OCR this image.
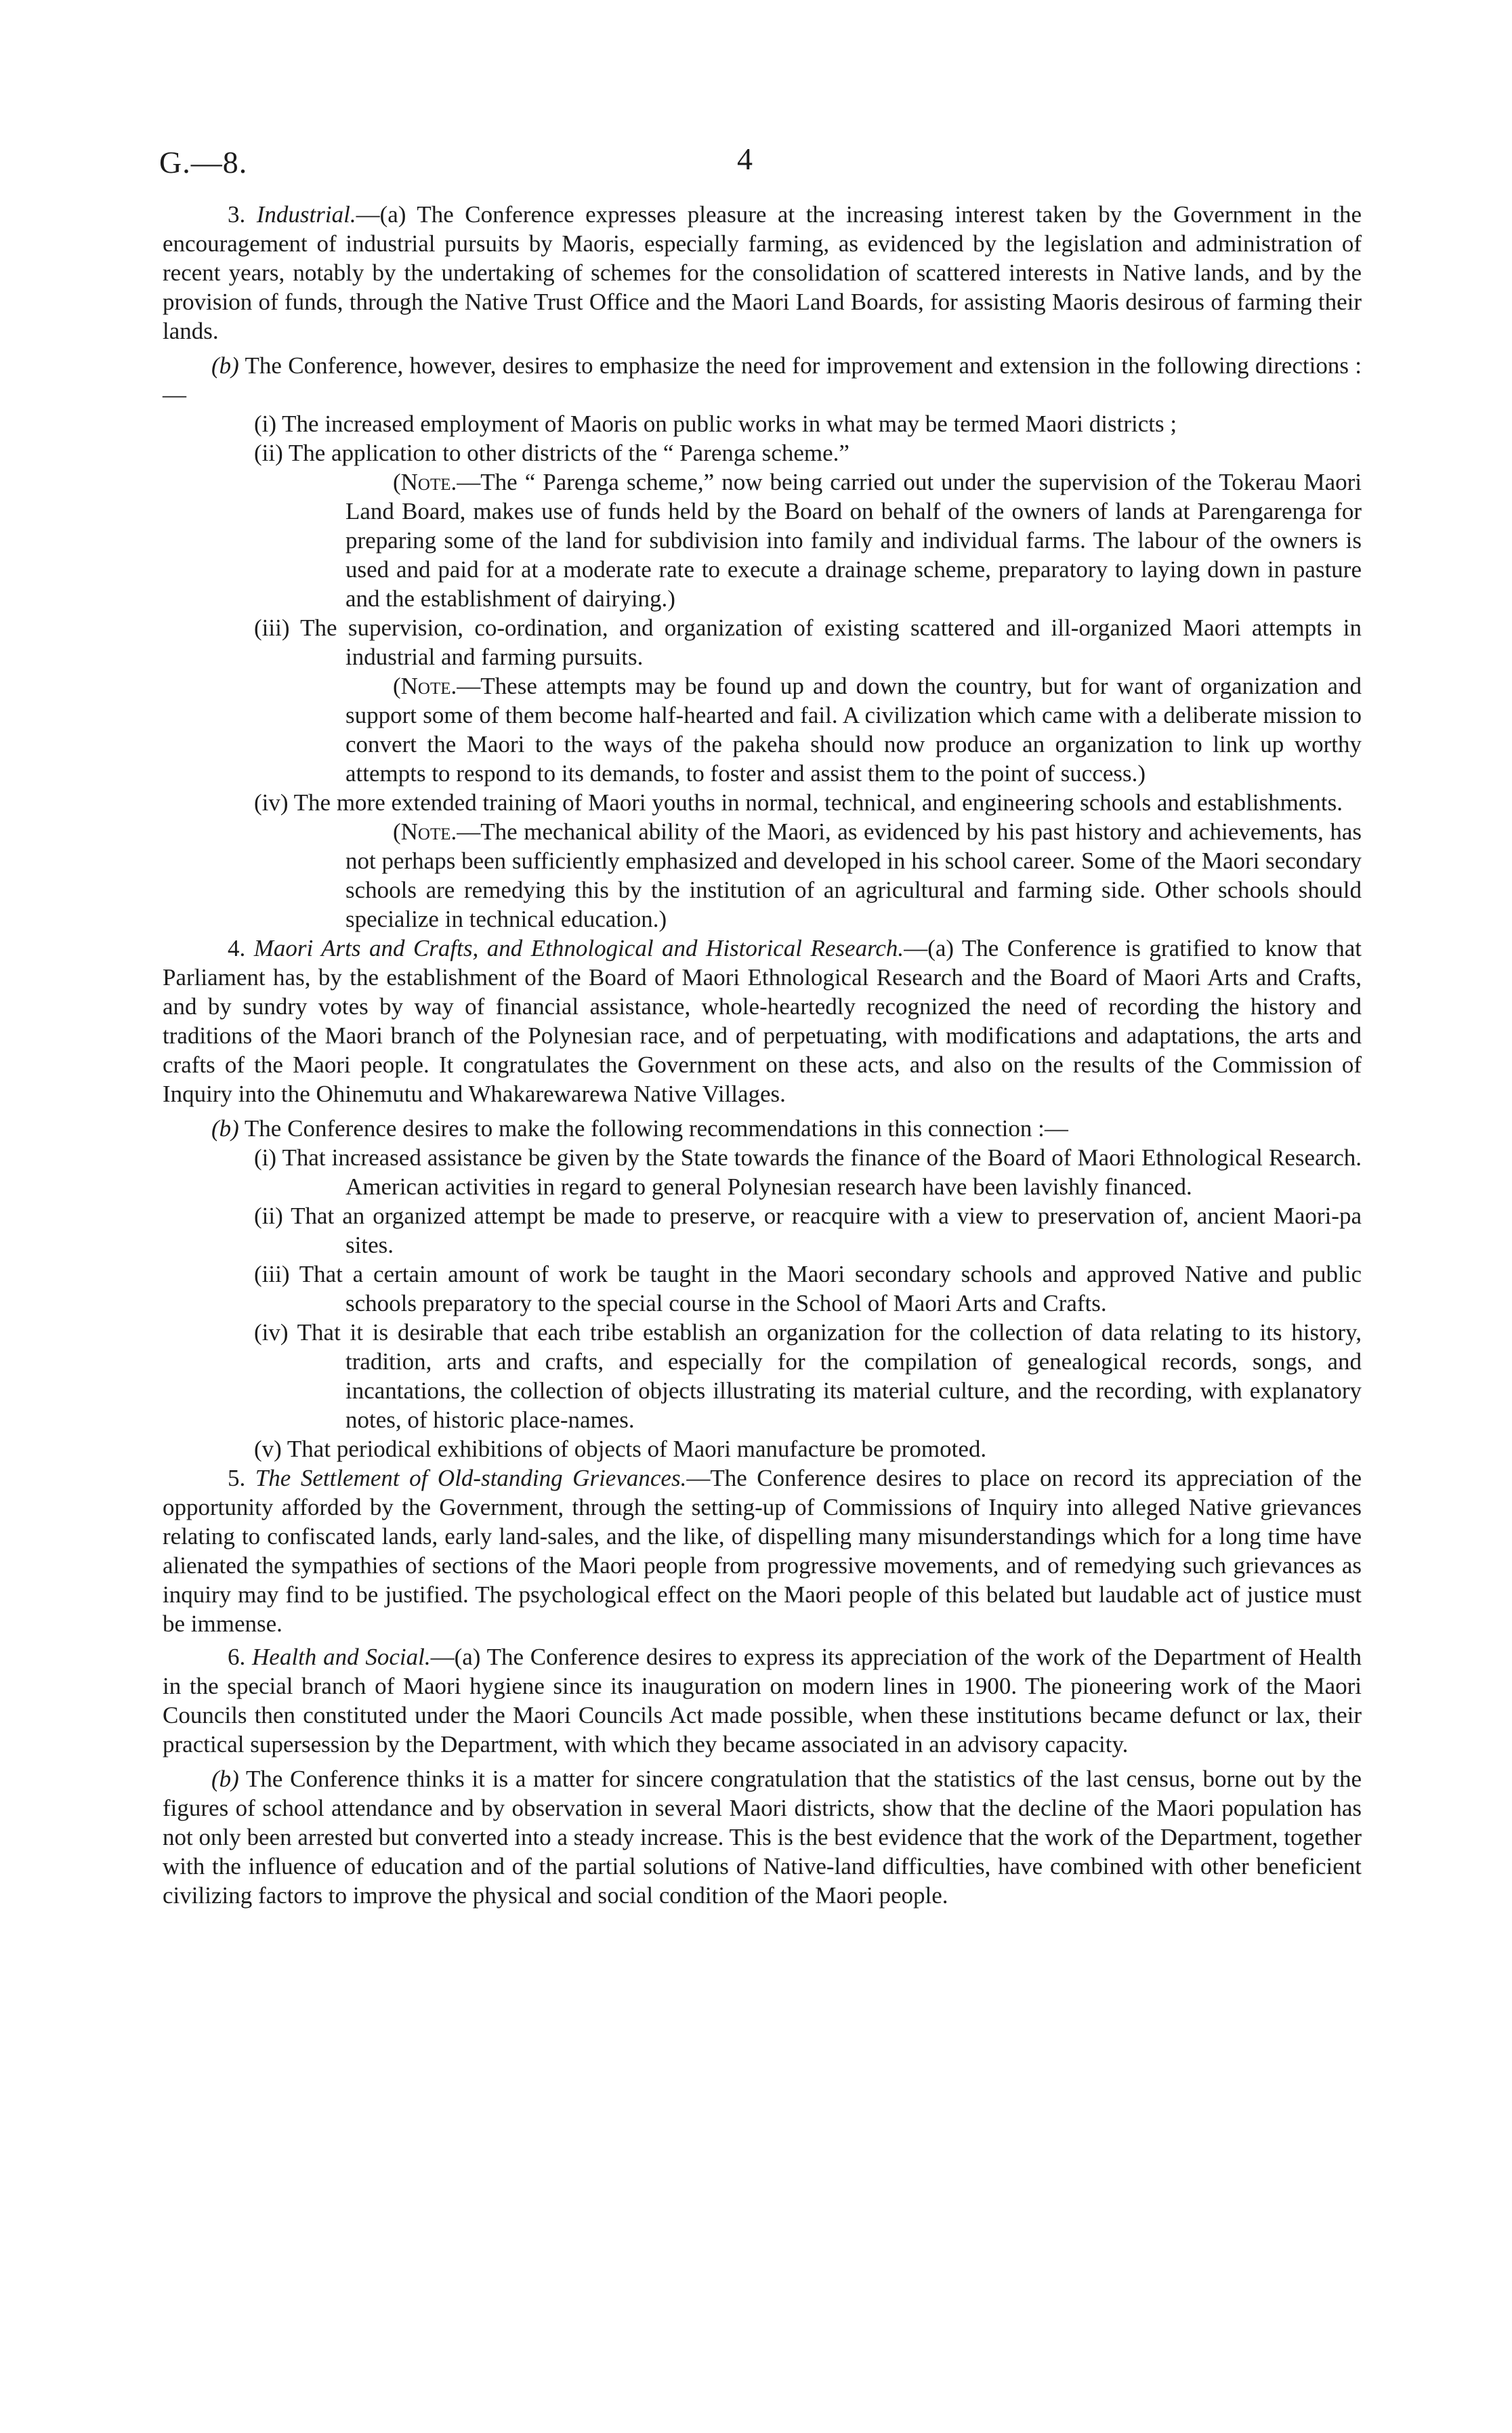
G.—8.	4

3. Industrial.—(a) The Conference expresses pleasure at the increasing interest taken by the Government in the encouragement of industrial pursuits by Maoris, especially farming, as evidenced by the legislation and administration of recent years, notably by the undertaking of schemes for the consolidation of scattered interests in Native lands, and by the provision of funds, through the Native Trust Office and the Maori Land Boards, for assisting Maoris desirous of farming their lands.

(b) The Conference, however, desires to emphasize the need for improvement and extension in the following directions :—

(i) The increased employment of Maoris on public works in what may be termed Maori districts ;

(ii) The application to other districts of the “ Parenga scheme.”

(Note.—The “ Parenga scheme,” now being carried out under the supervision of the Tokerau Maori Land Board, makes use of funds held by the Board on behalf of the owners of lands at Parengarenga for preparing some of the land for subdivision into family and individual farms. The labour of the owners is used and paid for at a moderate rate to execute a drainage scheme, preparatory to laying down in pasture and the establishment of dairying.)

(iii) The supervision, co-ordination, and organization of existing scattered and ill-organized Maori attempts in industrial and farming pursuits.

(Note.—These attempts may be found up and down the country, but for want of organization and support some of them become half-hearted and fail. A civilization which came with a deliberate mission to convert the Maori to the ways of the pakeha should now produce an organization to link up worthy attempts to respond to its demands, to foster and assist them to the point of success.)

(iv) The more extended training of Maori youths in normal, technical, and engineering schools and establishments.

(Note.—The mechanical ability of the Maori, as evidenced by his past history and achievements, has not perhaps been sufficiently emphasized and developed in his school career. Some of the Maori secondary schools are remedying this by the institution of an agricultural and farming side. Other schools should specialize in technical education.)

4. Maori Arts and Crafts, and Ethnological and Historical Research.—(a) The Conference is gratified to know that Parliament has, by the establishment of the Board of Maori Ethnological Research and the Board of Maori Arts and Crafts, and by sundry votes by way of financial assistance, whole-heartedly recognized the need of recording the history and traditions of the Maori branch of the Polynesian race, and of perpetuating, with modifications and adaptations, the arts and crafts of the Maori people. It congratulates the Government on these acts, and also on the results of the Commission of Inquiry into the Ohinemutu and Whakarewarewa Native Villages.

(b) The Conference desires to make the following recommendations in this connection :—

(i) That increased assistance be given by the State towards the finance of the Board of Maori Ethnological Research. American activities in regard to general Polynesian research have been lavishly financed.

(ii) That an organized attempt be made to preserve, or reacquire with a view to preservation of, ancient Maori-pa sites.

(iii) That a certain amount of work be taught in the Maori secondary schools and approved Native and public schools preparatory to the special course in the School of Maori Arts and Crafts.

(iv) That it is desirable that each tribe establish an organization for the collection of data relating to its history, tradition, arts and crafts, and especially for the compilation of genealogical records, songs, and incantations, the collection of objects illustrating its material culture, and the recording, with explanatory notes, of historic place-names.

(v) That periodical exhibitions of objects of Maori manufacture be promoted.

5. The Settlement of Old-standing Grievances.—The Conference desires to place on record its appreciation of the opportunity afforded by the Government, through the setting-up of Commissions of Inquiry into alleged Native grievances relating to confiscated lands, early land-sales, and the like, of dispelling many misunderstandings which for a long time have alienated the sympathies of sections of the Maori people from progressive movements, and of remedying such grievances as inquiry may find to be justified. The psychological effect on the Maori people of this belated but laudable act of justice must be immense.

6. Health and Social.—(a) The Conference desires to express its appreciation of the work of the Department of Health in the special branch of Maori hygiene since its inauguration on modern lines in 1900. The pioneering work of the Maori Councils then constituted under the Maori Councils Act made possible, when these institutions became defunct or lax, their practical supersession by the Department, with which they became associated in an advisory capacity.

(b) The Conference thinks it is a matter for sincere congratulation that the statistics of the last census, borne out by the figures of school attendance and by observation in several Maori districts, show that the decline of the Maori population has not only been arrested but converted into a steady increase. This is the best evidence that the work of the Department, together with the influence of education and of the partial solutions of Native-land difficulties, have combined with other beneficient civilizing factors to improve the physical and social condition of the Maori people.
